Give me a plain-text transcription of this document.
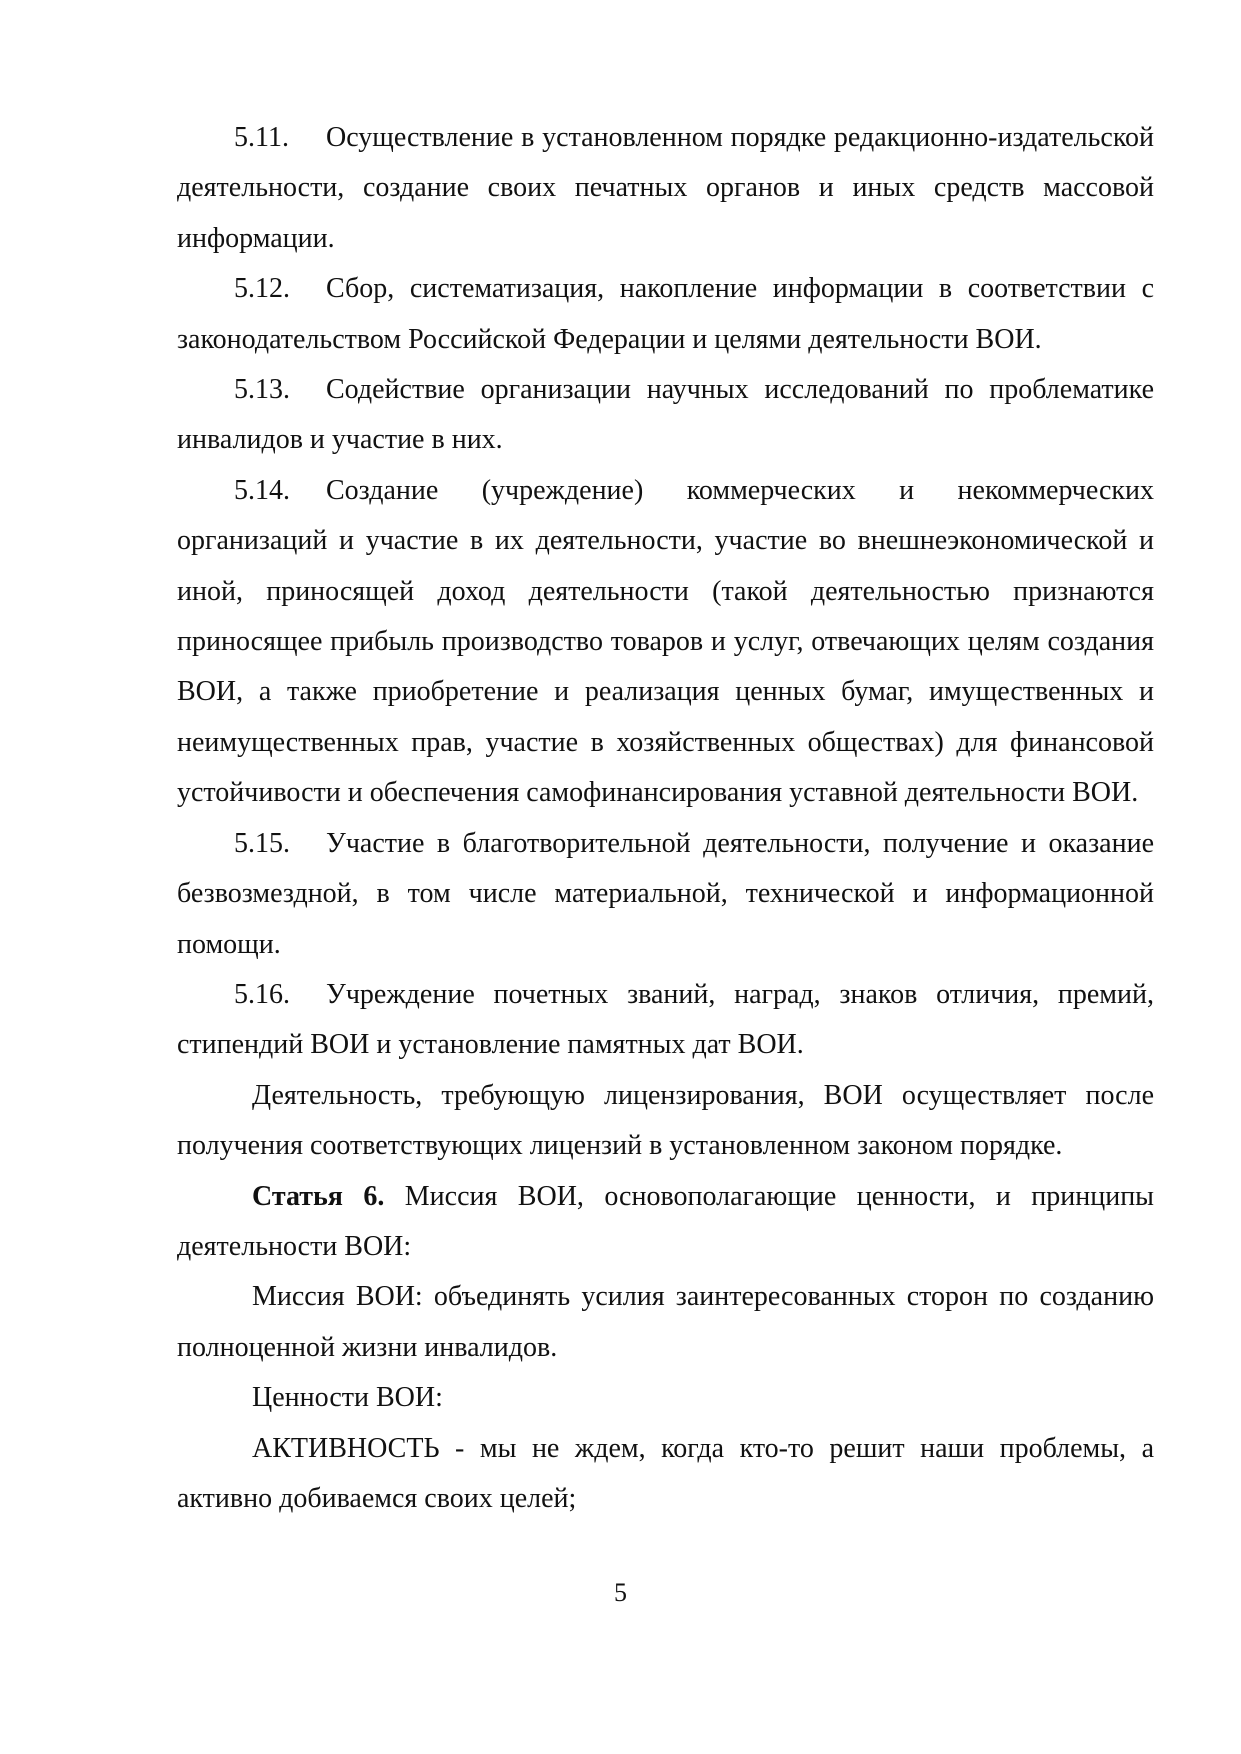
5.11. Осуществление в установленном порядке редакционно-издательской деятельности, создание своих печатных органов и иных средств массовой информации.

5.12. Сбор, систематизация, накопление информации в соответствии с законодательством Российской Федерации и целями деятельности ВОИ.

5.13. Содействие организации научных исследований по проблематике инвалидов и участие в них.

5.14. Создание (учреждение) коммерческих и некоммерческих организаций и участие в их деятельности, участие во внешнеэкономической и иной, приносящей доход деятельности (такой деятельностью признаются приносящее прибыль производство товаров и услуг, отвечающих целям создания ВОИ, а также приобретение и реализация ценных бумаг, имущественных и неимущественных прав, участие в хозяйственных обществах) для финансовой устойчивости и обеспечения самофинансирования уставной деятельности ВОИ.

5.15. Участие в благотворительной деятельности, получение и оказание безвозмездной, в том числе материальной, технической и информационной помощи.

5.16. Учреждение почетных званий, наград, знаков отличия, премий, стипендий ВОИ и установление памятных дат ВОИ.

Деятельность, требующую лицензирования, ВОИ осуществляет после получения соответствующих лицензий в установленном законом порядке.

Статья 6. Миссия ВОИ, основополагающие ценности, и принципы деятельности ВОИ:

Миссия ВОИ: объединять усилия заинтересованных сторон по созданию полноценной жизни инвалидов.

Ценности ВОИ:

АКТИВНОСТЬ - мы не ждем, когда кто-то решит наши проблемы, а активно добиваемся своих целей;

5
